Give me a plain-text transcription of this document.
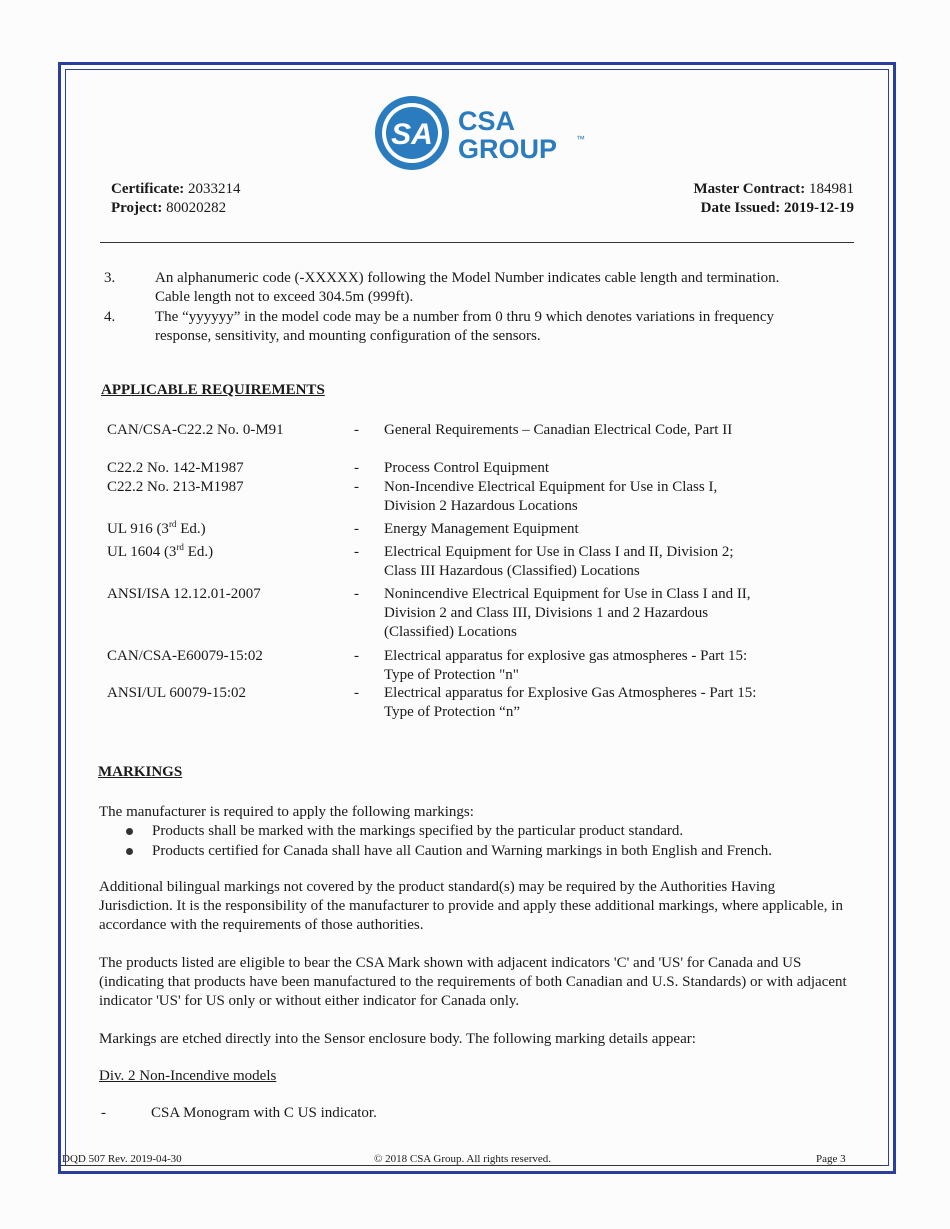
SA CSA
GROUP ™
Certificate: 2033214
Project: 80020282
Master Contract: 184981
Date Issued: 2019-12-19
3.	An alphanumeric code (-XXXXX) following the Model Number indicates cable length and termination.
Cable length not to exceed 304.5m (999ft).
4.	The “yyyyyy” in the model code may be a number from 0 thru 9 which denotes variations in frequency
response, sensitivity, and mounting configuration of the sensors.
APPLICABLE REQUIREMENTS
CAN/CSA-C22.2 No. 0-M91	- General Requirements – Canadian Electrical Code, Part II
C22.2 No. 142-M1987	- Process Control Equipment
C22.2 No. 213-M1987	- Non-Incendive Electrical Equipment for Use in Class I, Division 2 Hazardous Locations
UL 916 (3rd Ed.)	- Energy Management Equipment
UL 1604 (3rd Ed.)	- Electrical Equipment for Use in Class I and II, Division 2; Class III Hazardous (Classified) Locations
ANSI/ISA 12.12.01-2007	- Nonincendive Electrical Equipment for Use in Class I and II, Division 2 and Class III, Divisions 1 and 2 Hazardous (Classified) Locations
CAN/CSA-E60079-15:02	- Electrical apparatus for explosive gas atmospheres - Part 15: Type of Protection "n"
ANSI/UL 60079-15:02	- Electrical apparatus for Explosive Gas Atmospheres - Part 15: Type of Protection “n”
MARKINGS
The manufacturer is required to apply the following markings:
Products shall be marked with the markings specified by the particular product standard.
Products certified for Canada shall have all Caution and Warning markings in both English and French.
Additional bilingual markings not covered by the product standard(s) may be required by the Authorities Having Jurisdiction. It is the responsibility of the manufacturer to provide and apply these additional markings, where applicable, in accordance with the requirements of those authorities.
The products listed are eligible to bear the CSA Mark shown with adjacent indicators 'C' and 'US' for Canada and US (indicating that products have been manufactured to the requirements of both Canadian and U.S. Standards) or with adjacent indicator 'US' for US only or without either indicator for Canada only.
Markings are etched directly into the Sensor enclosure body. The following marking details appear:
Div. 2 Non-Incendive models
-	CSA Monogram with C US indicator.
DQD 507 Rev. 2019-04-30	© 2018 CSA Group. All rights reserved.	Page 3
